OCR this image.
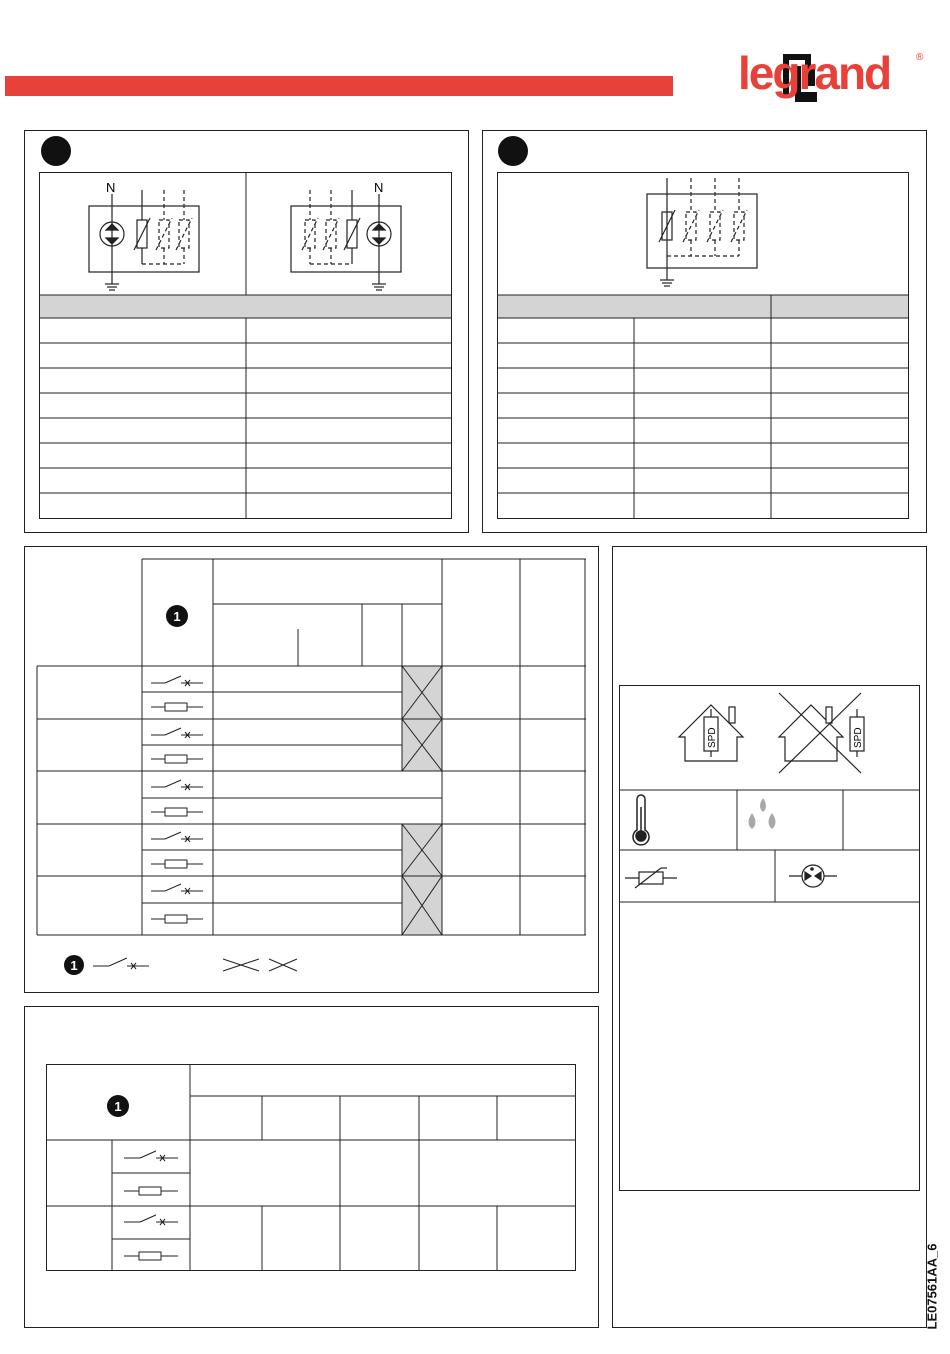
legrand	®
N	N
1
1
1
SPD	SPD
LE07561AA_6
